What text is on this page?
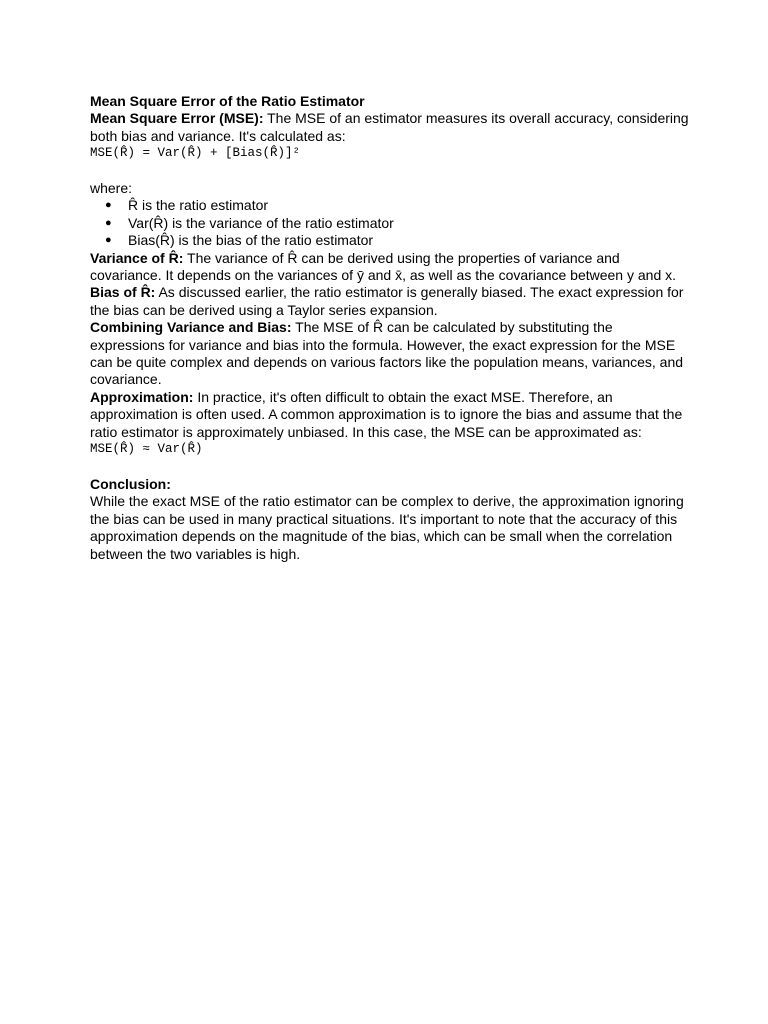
Mean Square Error of the Ratio Estimator

Mean Square Error (MSE): The MSE of an estimator measures its overall accuracy, considering both bias and variance. It's calculated as:

MSE(R̂) = Var(R̂) + [Bias(R̂)]²
where:
● R̂ is the ratio estimator
● Var(R̂) is the variance of the ratio estimator
● Bias(R̂) is the bias of the ratio estimator

Variance of R̂: The variance of R̂ can be derived using the properties of variance and covariance. It depends on the variances of ȳ and x̄, as well as the covariance between y and x.

Bias of R̂: As discussed earlier, the ratio estimator is generally biased. The exact expression for the bias can be derived using a Taylor series expansion.

Combining Variance and Bias: The MSE of R̂ can be calculated by substituting the expressions for variance and bias into the formula. However, the exact expression for the MSE can be quite complex and depends on various factors like the population means, variances, and covariance.

Approximation: In practice, it's often difficult to obtain the exact MSE. Therefore, an approximation is often used. A common approximation is to ignore the bias and assume that the ratio estimator is approximately unbiased. In this case, the MSE can be approximated as:

MSE(R̂) ≈ Var(R̂)
Conclusion:

While the exact MSE of the ratio estimator can be complex to derive, the approximation ignoring the bias can be used in many practical situations. It's important to note that the accuracy of this approximation depends on the magnitude of the bias, which can be small when the correlation between the two variables is high.
